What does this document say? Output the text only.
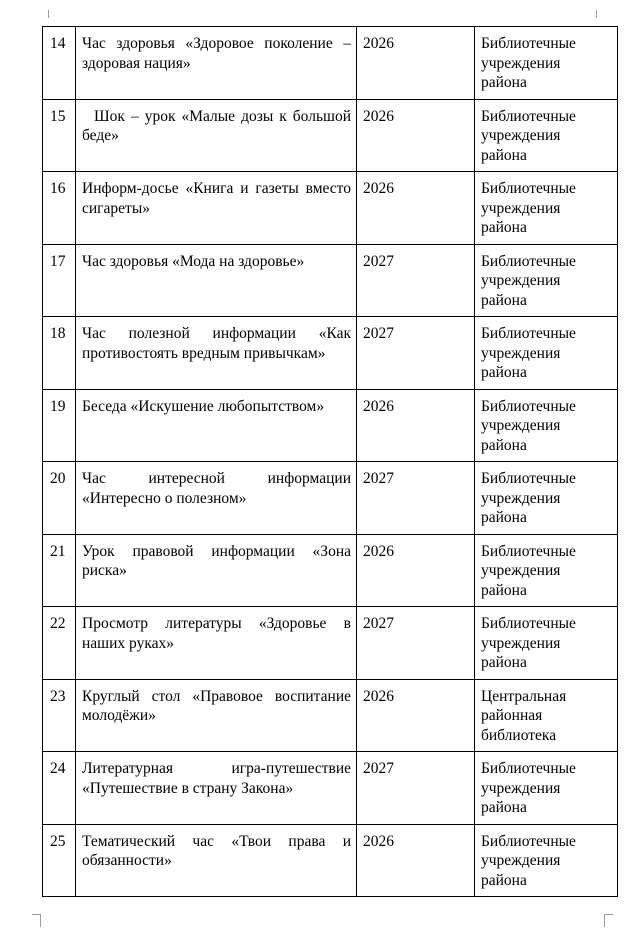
14	Час здоровья «Здоровое поколение – здоровая нация»	2026	Библиотечные учреждения района
15	Шок – урок «Малые дозы к большой беде»	2026	Библиотечные учреждения района
16	Информ-досье «Книга и газеты вместо сигареты»	2026	Библиотечные учреждения района
17	Час здоровья «Мода на здоровье»	2027	Библиотечные учреждения района
18	Час полезной информации «Как противостоять вредным привычкам»	2027	Библиотечные учреждения района
19	Беседа «Искушение любопытством»	2026	Библиотечные учреждения района
20	Час интересной информации «Интересно о полезном»	2027	Библиотечные учреждения района
21	Урок правовой информации «Зона риска»	2026	Библиотечные учреждения района
22	Просмотр литературы «Здоровье в наших руках»	2027	Библиотечные учреждения района
23	Круглый стол «Правовое воспитание молодёжи»	2026	Центральная районная библиотека
24	Литературная игра-путешествие «Путешествие в страну Закона»	2027	Библиотечные учреждения района
25	Тематический час «Твои права и обязанности»	2026	Библиотечные учреждения района
